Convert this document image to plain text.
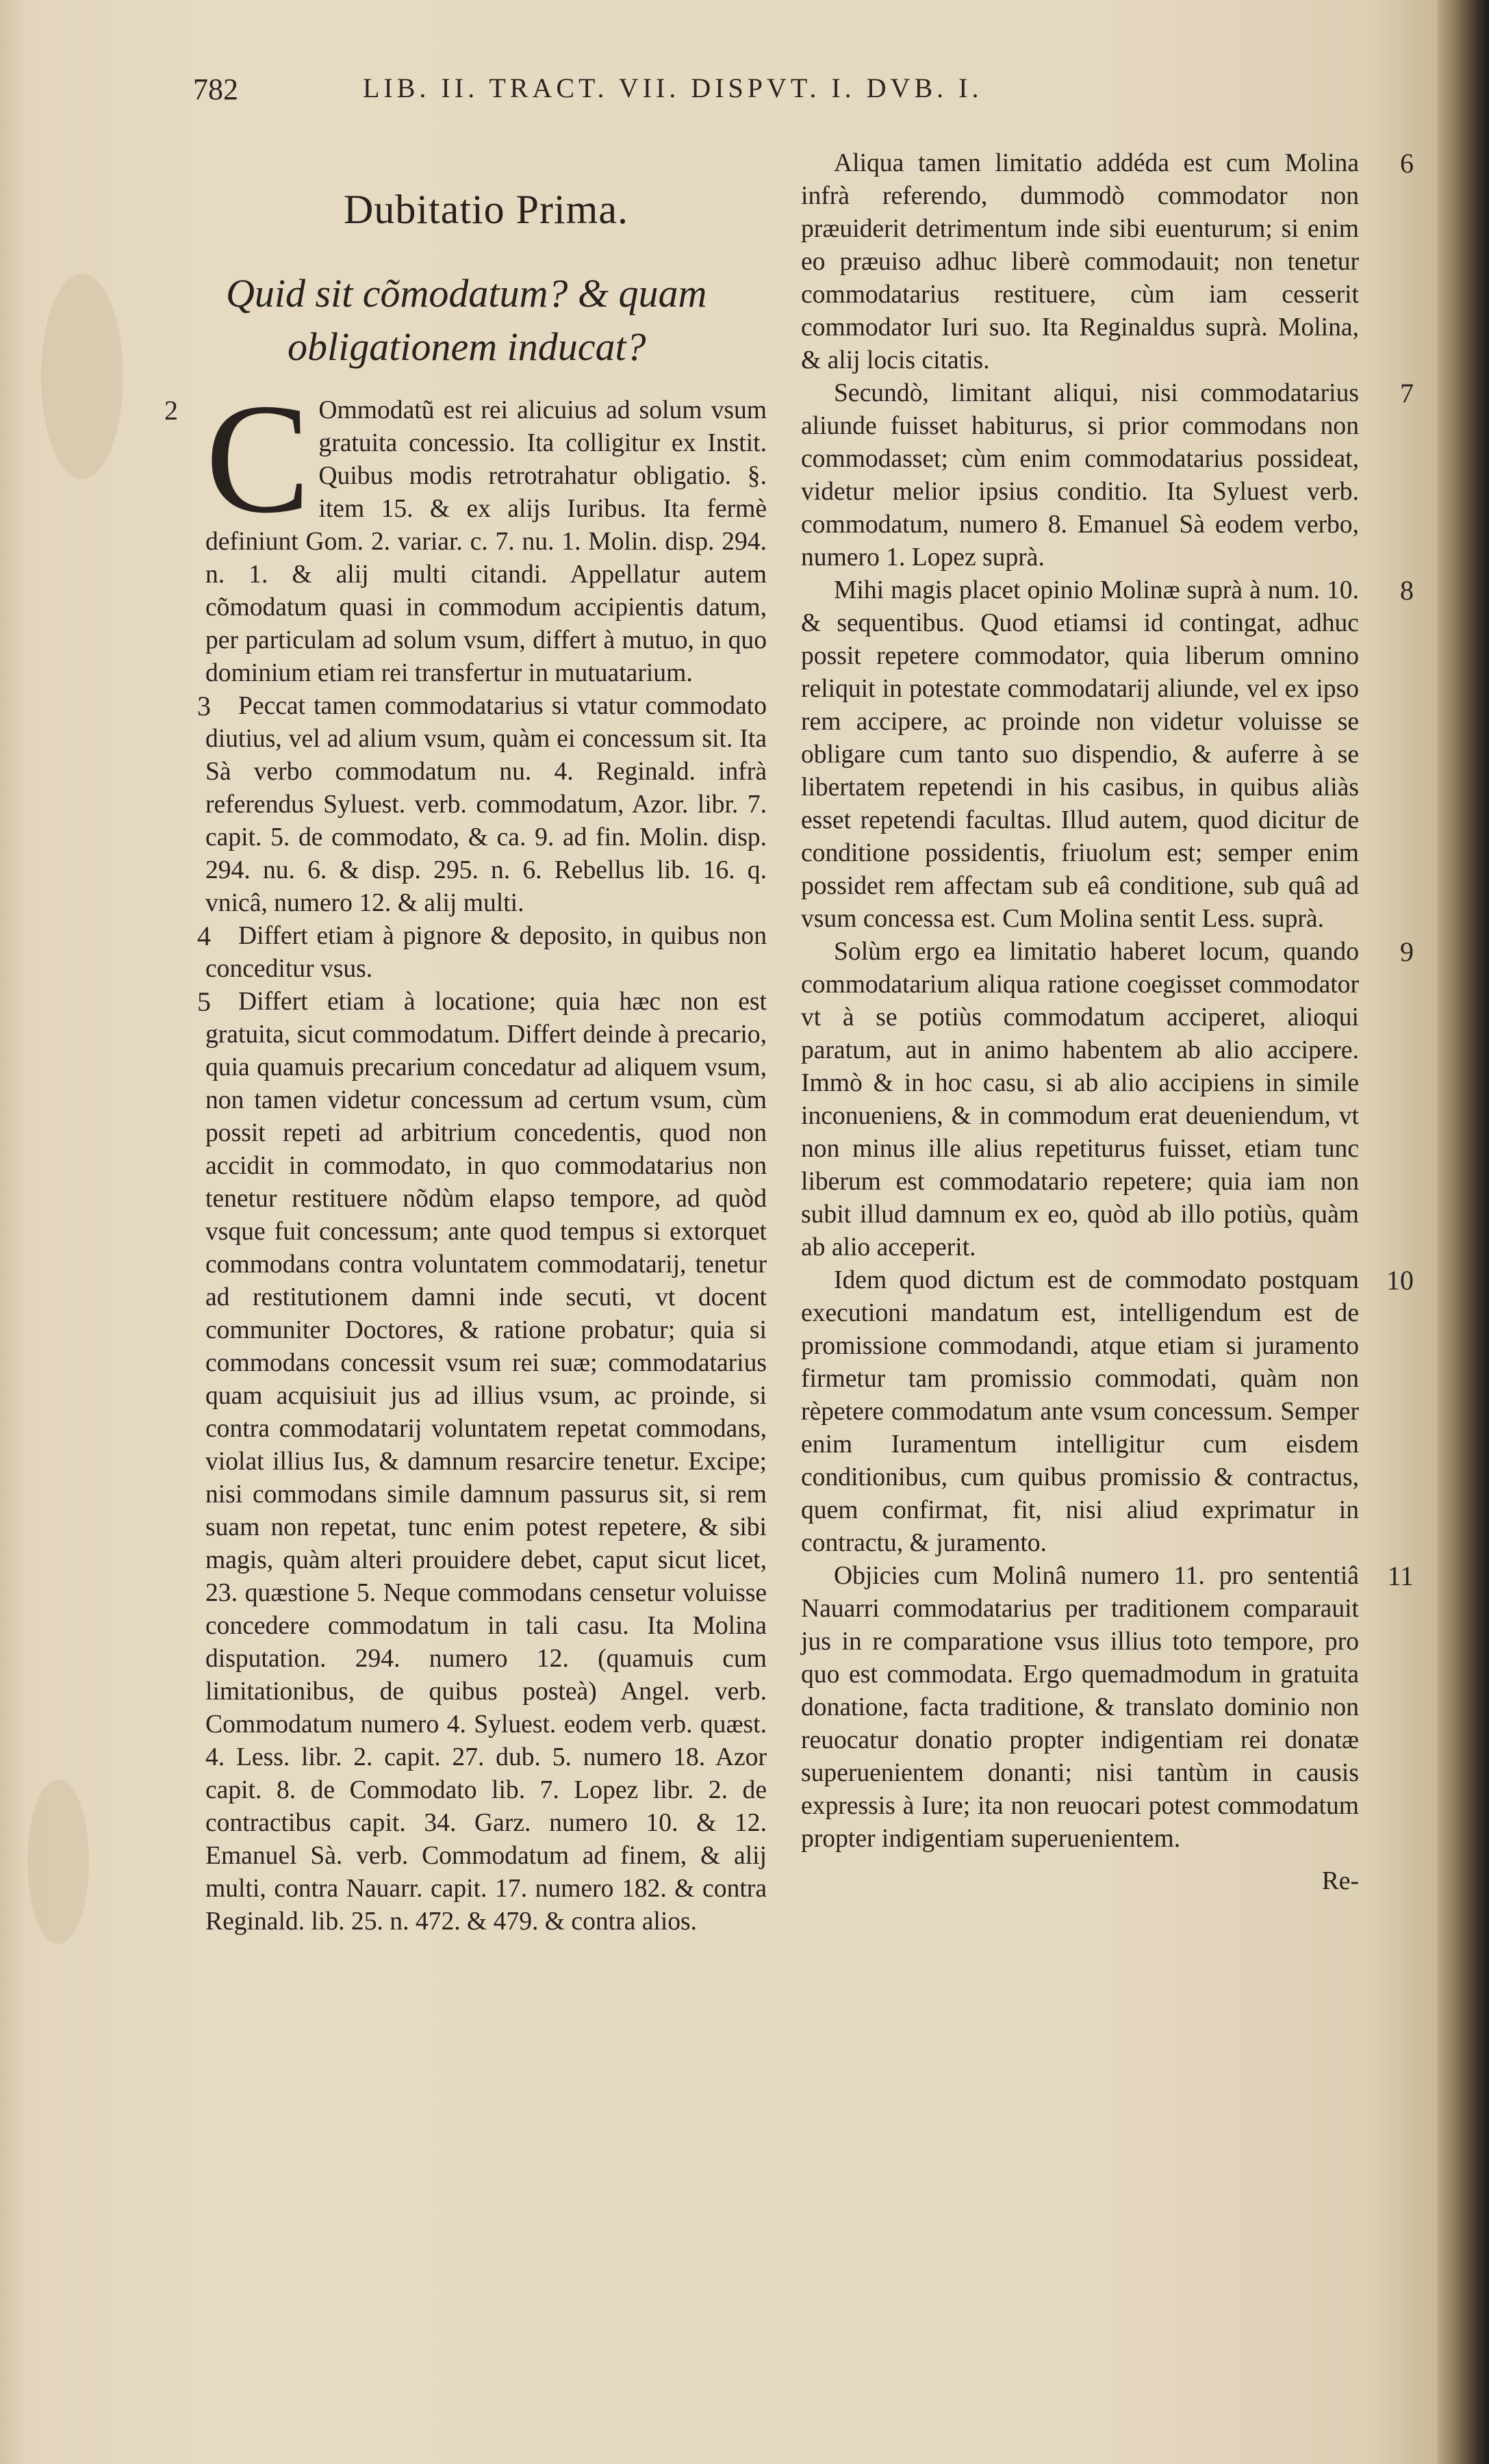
782	LIB. II. TRACT. VII. DISPVT. I. DVB. I.
Dubitatio Prima.
Quid sit cõmodatum? & quam
obligationem inducat?

2 C Ommodatũ est rei alicuius ad solum vsum gratuita concessio. Ita colligitur ex Instit. Quibus modis retrotrahatur obligatio. §. item 15. & ex alijs Iuribus. Ita fermè definiunt Gom. 2. variar. c. 7. nu. 1. Molin. disp. 294. n. 1. & alij multi citandi. Appellatur autem cõmodatum quasi in commodum accipientis datum, per particulam ad solum vsum, differt à mutuo, in quo dominium etiam rei transfertur in mutuatarium.

3 Peccat tamen commodatarius si vtatur commodato diutius, vel ad alium vsum, quàm ei concessum sit. Ita Sà verbo commodatum nu. 4. Reginald. infrà referendus Syluest. verb. commodatum, Azor. libr. 7. capit. 5. de commodato, & ca. 9. ad fin. Molin. disp. 294. nu. 6. & disp. 295. n. 6. Rebellus lib. 16. q. vnicâ, numero 12. & alij multi.

4 Differt etiam à pignore & deposito, in quibus non conceditur vsus.

5 Differt etiam à locatione; quia hæc non est gratuita, sicut commodatum. Differt deinde à precario, quia quamuis precarium concedatur ad aliquem vsum, non tamen videtur concessum ad certum vsum, cùm possit repeti ad arbitrium concedentis, quod non accidit in commodato, in quo commodatarius non tenetur restituere nõdùm elapso tempore, ad quòd vsque fuit concessum; ante quod tempus si extorquet commodans contra voluntatem commodatarij, tenetur ad restitutionem damni inde secuti, vt docent communiter Doctores, & ratione probatur; quia si commodans concessit vsum rei suæ; commodatarius quam acquisiuit jus ad illius vsum, ac proinde, si contra commodatarij voluntatem repetat commodans, violat illius Ius, & damnum resarcire tenetur. Excipe; nisi commodans simile damnum passurus sit, si rem suam non repetat, tunc enim potest repetere, & sibi magis, quàm alteri prouidere debet, caput sicut licet, 23. quæstione 5. Neque commodans censetur voluisse concedere commodatum in tali casu. Ita Molina disputation. 294. numero 12. (quamuis cum limitationibus, de quibus posteà) Angel. verb. Commodatum numero 4. Syluest. eodem verb. quæst. 4. Less. libr. 2. capit. 27. dub. 5. numero 18. Azor capit. 8. de Commodato lib. 7. Lopez libr. 2. de contractibus capit. 34. Garz. numero 10. & 12. Emanuel Sà. verb. Commodatum ad finem, & alij multi, contra Nauarr. capit. 17. numero 182. & contra Reginald. lib. 25. n. 472. & 479. & contra alios.

6
Aliqua tamen limitatio addéda est cum Molina infrà referendo, dummodò commodator non præuiderit detrimentum inde sibi euenturum; si enim eo præuiso adhuc liberè commodauit; non tenetur commodatarius restituere, cùm iam cesserit commodator Iuri suo. Ita Reginaldus suprà. Molina, & alij locis citatis.

7
Secundò, limitant aliqui, nisi commodatarius aliunde fuisset habiturus, si prior commodans non commodasset; cùm enim commodatarius possideat, videtur melior ipsius conditio. Ita Syluest verb. commodatum, numero 8. Emanuel Sà eodem verbo, numero 1. Lopez suprà.

8
Mihi magis placet opinio Molinæ suprà à num. 10. & sequentibus. Quod etiamsi id contingat, adhuc possit repetere commodator, quia liberum omnino reliquit in potestate commodatarij aliunde, vel ex ipso rem accipere, ac proinde non videtur voluisse se obligare cum tanto suo dispendio, & auferre à se libertatem repetendi in his casibus, in quibus aliàs esset repetendi facultas. Illud autem, quod dicitur de conditione possidentis, friuolum est; semper enim possidet rem affectam sub eâ conditione, sub quâ ad vsum concessa est. Cum Molina sentit Less. suprà.

9
Solùm ergo ea limitatio haberet locum, quando commodatarium aliqua ratione coegisset commodator vt à se potiùs commodatum acciperet, alioqui paratum, aut in animo habentem ab alio accipere. Immò & in hoc casu, si ab alio accipiens in simile inconueniens, & in commodum erat deueniendum, vt non minus ille alius repetiturus fuisset, etiam tunc liberum est commodatario repetere; quia iam non subit illud damnum ex eo, quòd ab illo potiùs, quàm ab alio acceperit.

10
Idem quod dictum est de commodato postquam executioni mandatum est, intelligendum est de promissione commodandi, atque etiam si juramento firmetur tam promissio commodati, quàm non rèpetere commodatum ante vsum concessum. Semper enim Iuramentum intelligitur cum eisdem conditionibus, cum quibus promissio & contractus, quem confirmat, fit, nisi aliud exprimatur in contractu, & juramento.

11
Objicies cum Molinâ numero 11. pro sententiâ Nauarri commodatarius per traditionem comparauit jus in re comparatione vsus illius toto tempore, pro quo est commodata. Ergo quemadmodum in gratuita donatione, facta traditione, & translato dominio non reuocatur donatio propter indigentiam rei donatæ superuenientem donanti; nisi tantùm in causis expressis à Iure; ita non reuocari potest commodatum propter indigentiam superuenientem.

Re-
